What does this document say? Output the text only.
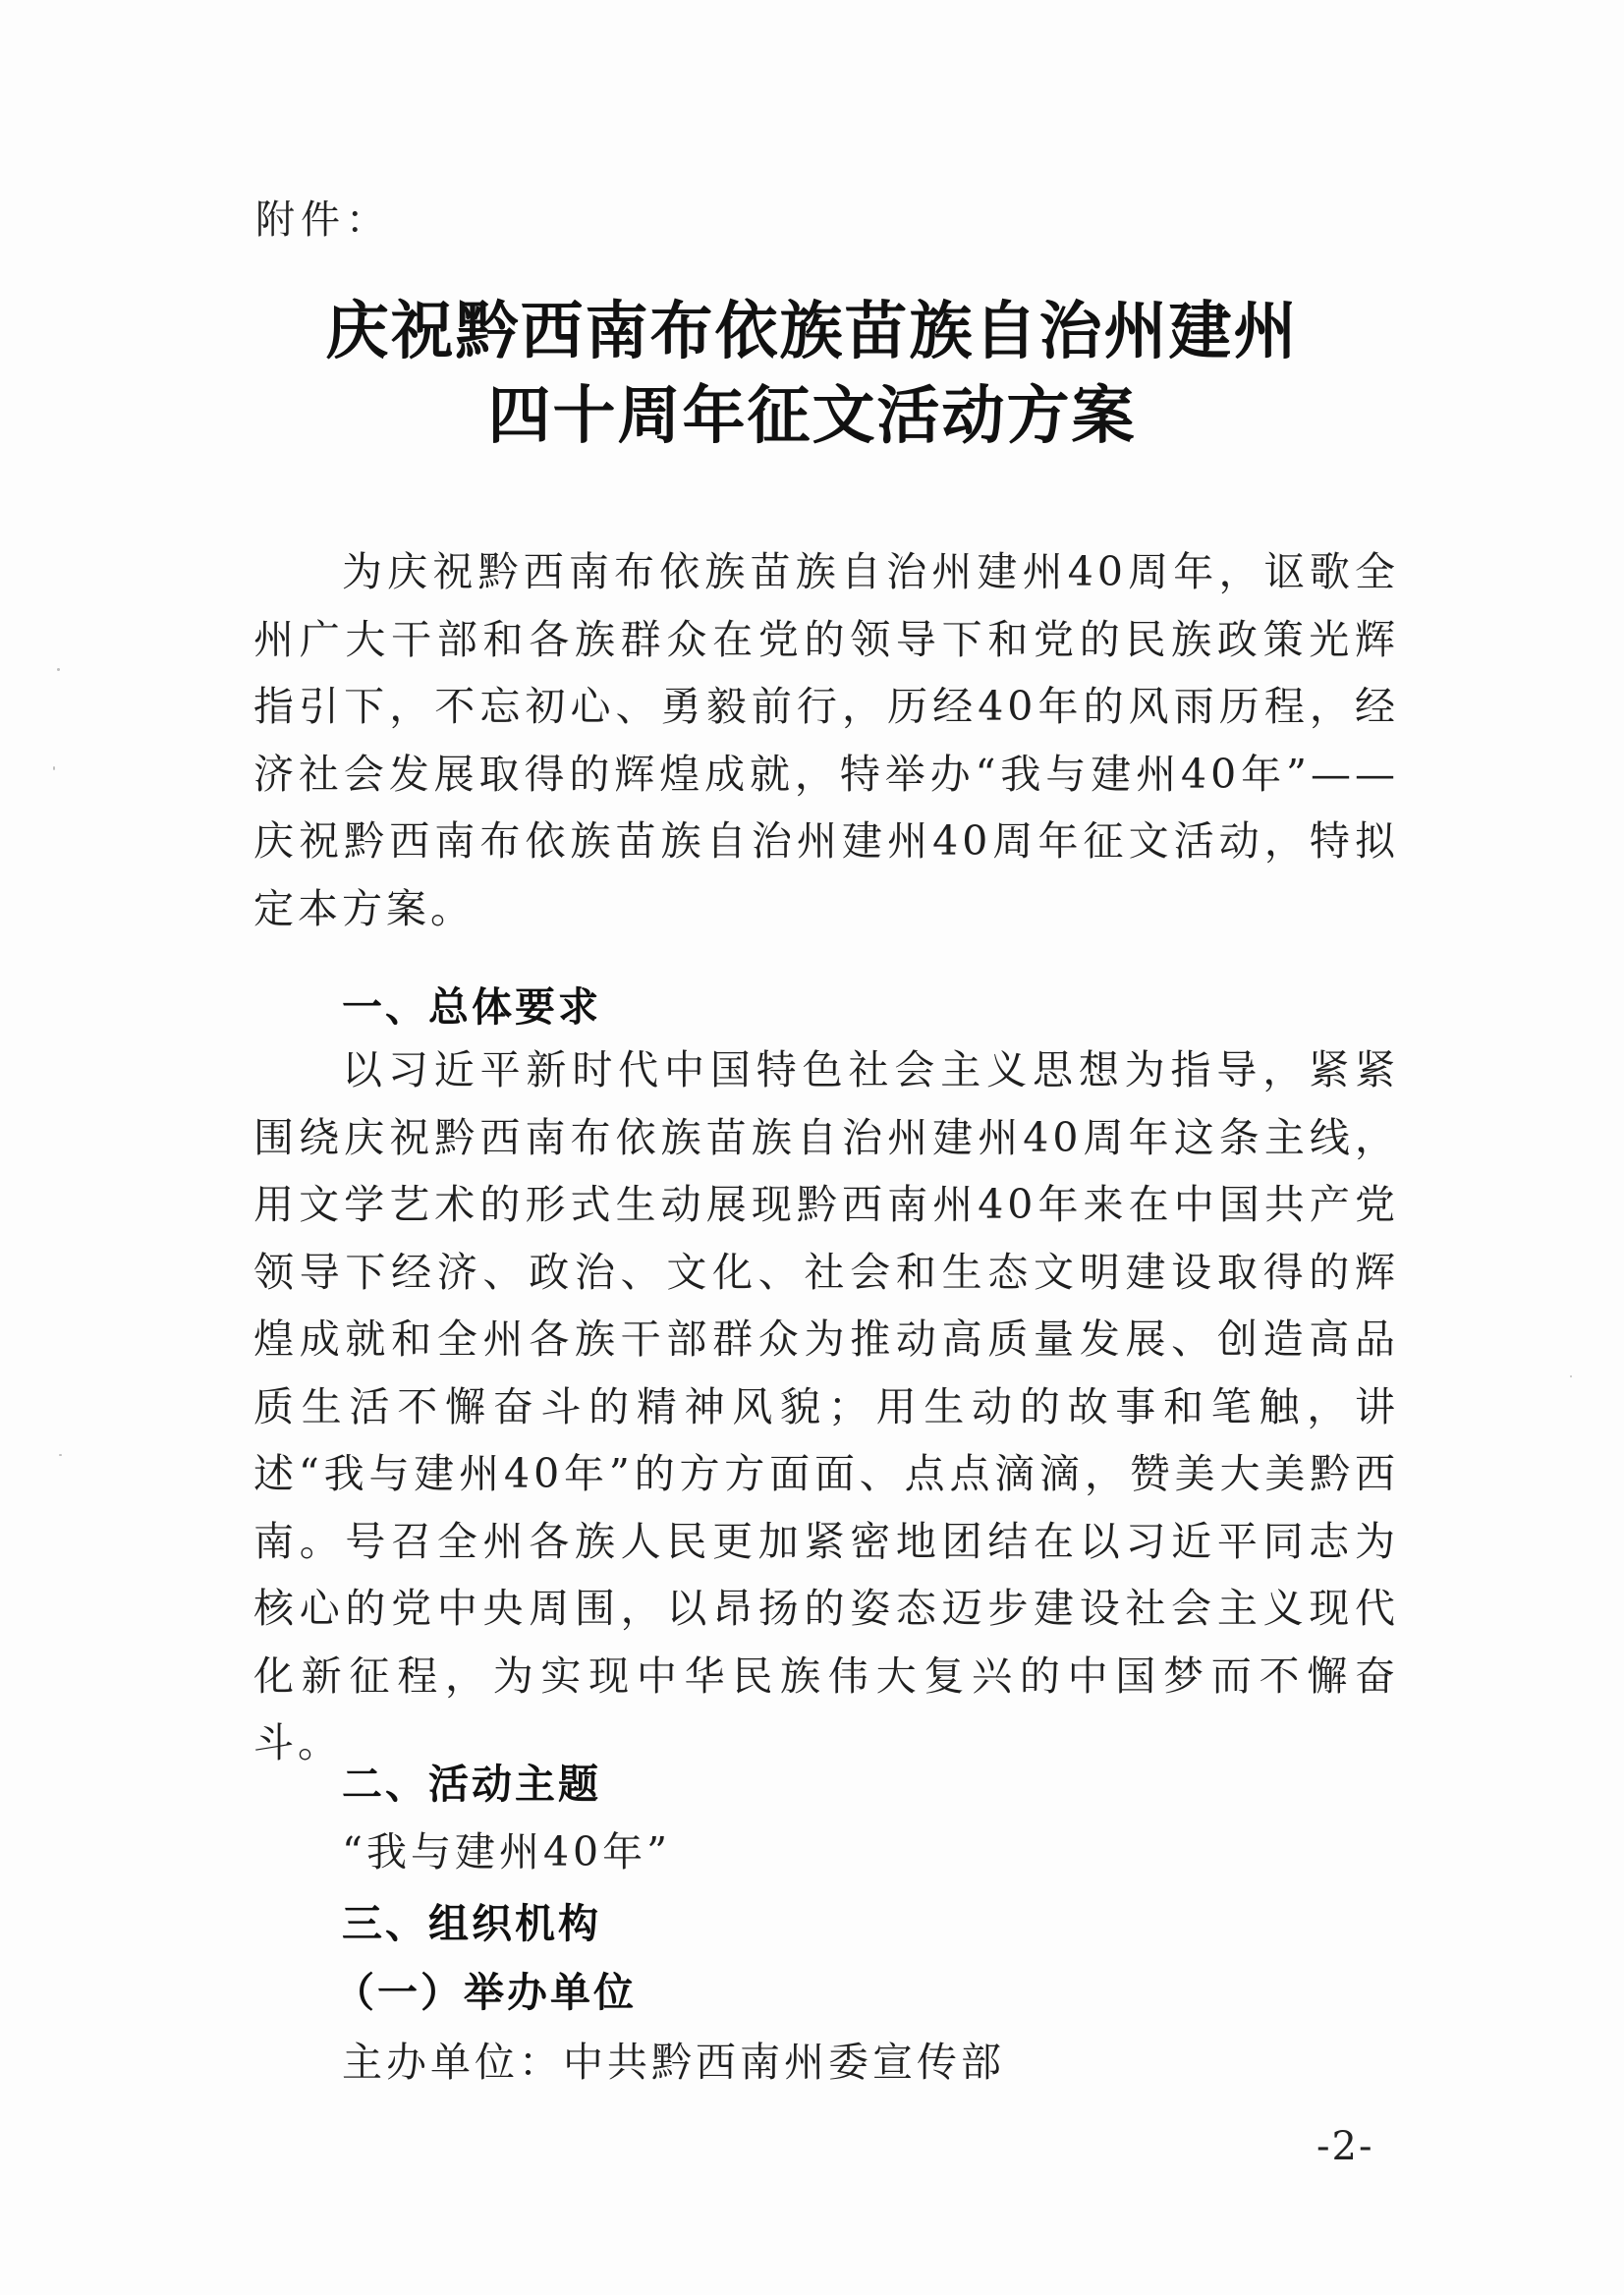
附件：
庆祝黔西南布依族苗族自治州建州
四十周年征文活动方案
为庆祝黔西南布依族苗族自治州建州40周年，讴歌全州广大干部和各族群众在党的领导下和党的民族政策光辉指引下，不忘初心、勇毅前行，历经40年的风雨历程，经济社会发展取得的辉煌成就，特举办“我与建州40年”——庆祝黔西南布依族苗族自治州建州40周年征文活动，特拟定本方案。
一、总体要求
以习近平新时代中国特色社会主义思想为指导，紧紧围绕庆祝黔西南布依族苗族自治州建州40周年这条主线，用文学艺术的形式生动展现黔西南州40年来在中国共产党领导下经济、政治、文化、社会和生态文明建设取得的辉煌成就和全州各族干部群众为推动高质量发展、创造高品质生活不懈奋斗的精神风貌；用生动的故事和笔触，讲述“我与建州40年”的方方面面、点点滴滴，赞美大美黔西南。号召全州各族人民更加紧密地团结在以习近平同志为核心的党中央周围，以昂扬的姿态迈步建设社会主义现代化新征程，为实现中华民族伟大复兴的中国梦而不懈奋斗。
二、活动主题
“我与建州40年”
三、组织机构
（一）举办单位
主办单位：中共黔西南州委宣传部
-2-
